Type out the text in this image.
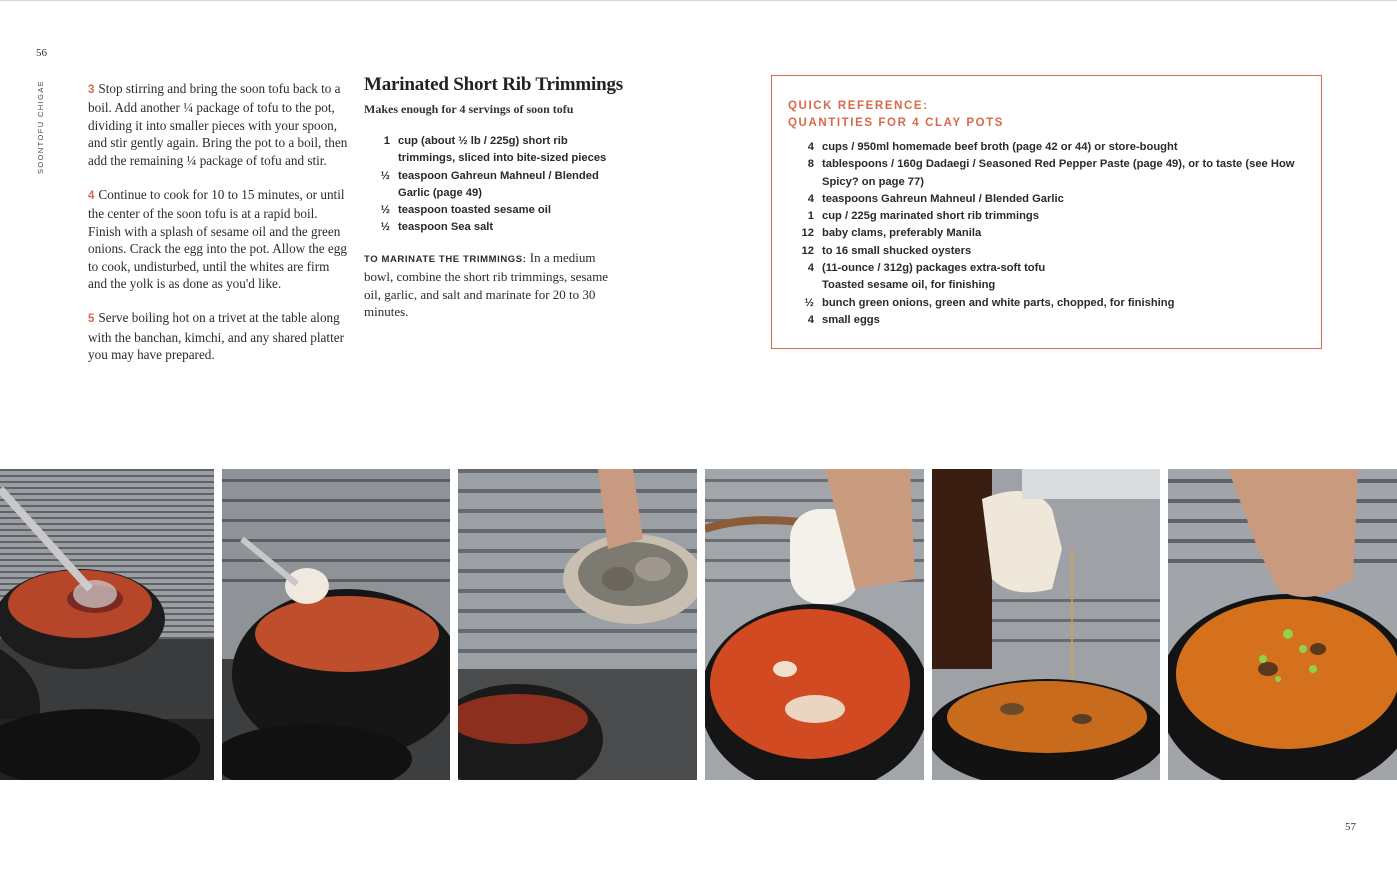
56
SOONTOFU CHIGAE	3 Stop stirring and bring the soon tofu back to a boil. Add another ¼ package of tofu to the pot, dividing it into smaller pieces with your spoon, and stir gently again. Bring the pot to a boil, then add the remaining ¼ package of tofu and stir.

4 Continue to cook for 10 to 15 minutes, or until the center of the soon tofu is at a rapid boil. Finish with a splash of sesame oil and the green onions. Crack the egg into the pot. Allow the egg to cook, undisturbed, until the whites are firm and the yolk is as done as you'd like.

5 Serve boiling hot on a trivet at the table along with the banchan, kimchi, and any shared platter you may have prepared.

Marinated Short Rib Trimmings
Makes enough for 4 servings of soon tofu
1 cup (about ½ lb / 225g) short rib trimmings, sliced into bite-sized pieces
½ teaspoon Gahreun Mahneul / Blended Garlic (page 49)
½ teaspoon toasted sesame oil
½ teaspoon Sea salt

TO MARINATE THE TRIMMINGS: In a medium bowl, combine the short rib trimmings, sesame oil, garlic, and salt and marinate for 20 to 30 minutes.

QUICK REFERENCE:
QUANTITIES FOR 4 CLAY POTS
4 cups / 950ml homemade beef broth (page 42 or 44) or store-bought
8 tablespoons / 160g Dadaegi / Seasoned Red Pepper Paste (page 49), or to taste (see How Spicy? on page 77)
4 teaspoons Gahreun Mahneul / Blended Garlic
1 cup / 225g marinated short rib trimmings
12 baby clams, preferably Manila
12 to 16 small shucked oysters
4 (11-ounce / 312g) packages extra-soft tofu
Toasted sesame oil, for finishing
½ bunch green onions, green and white parts, chopped, for finishing
4 small eggs
57
